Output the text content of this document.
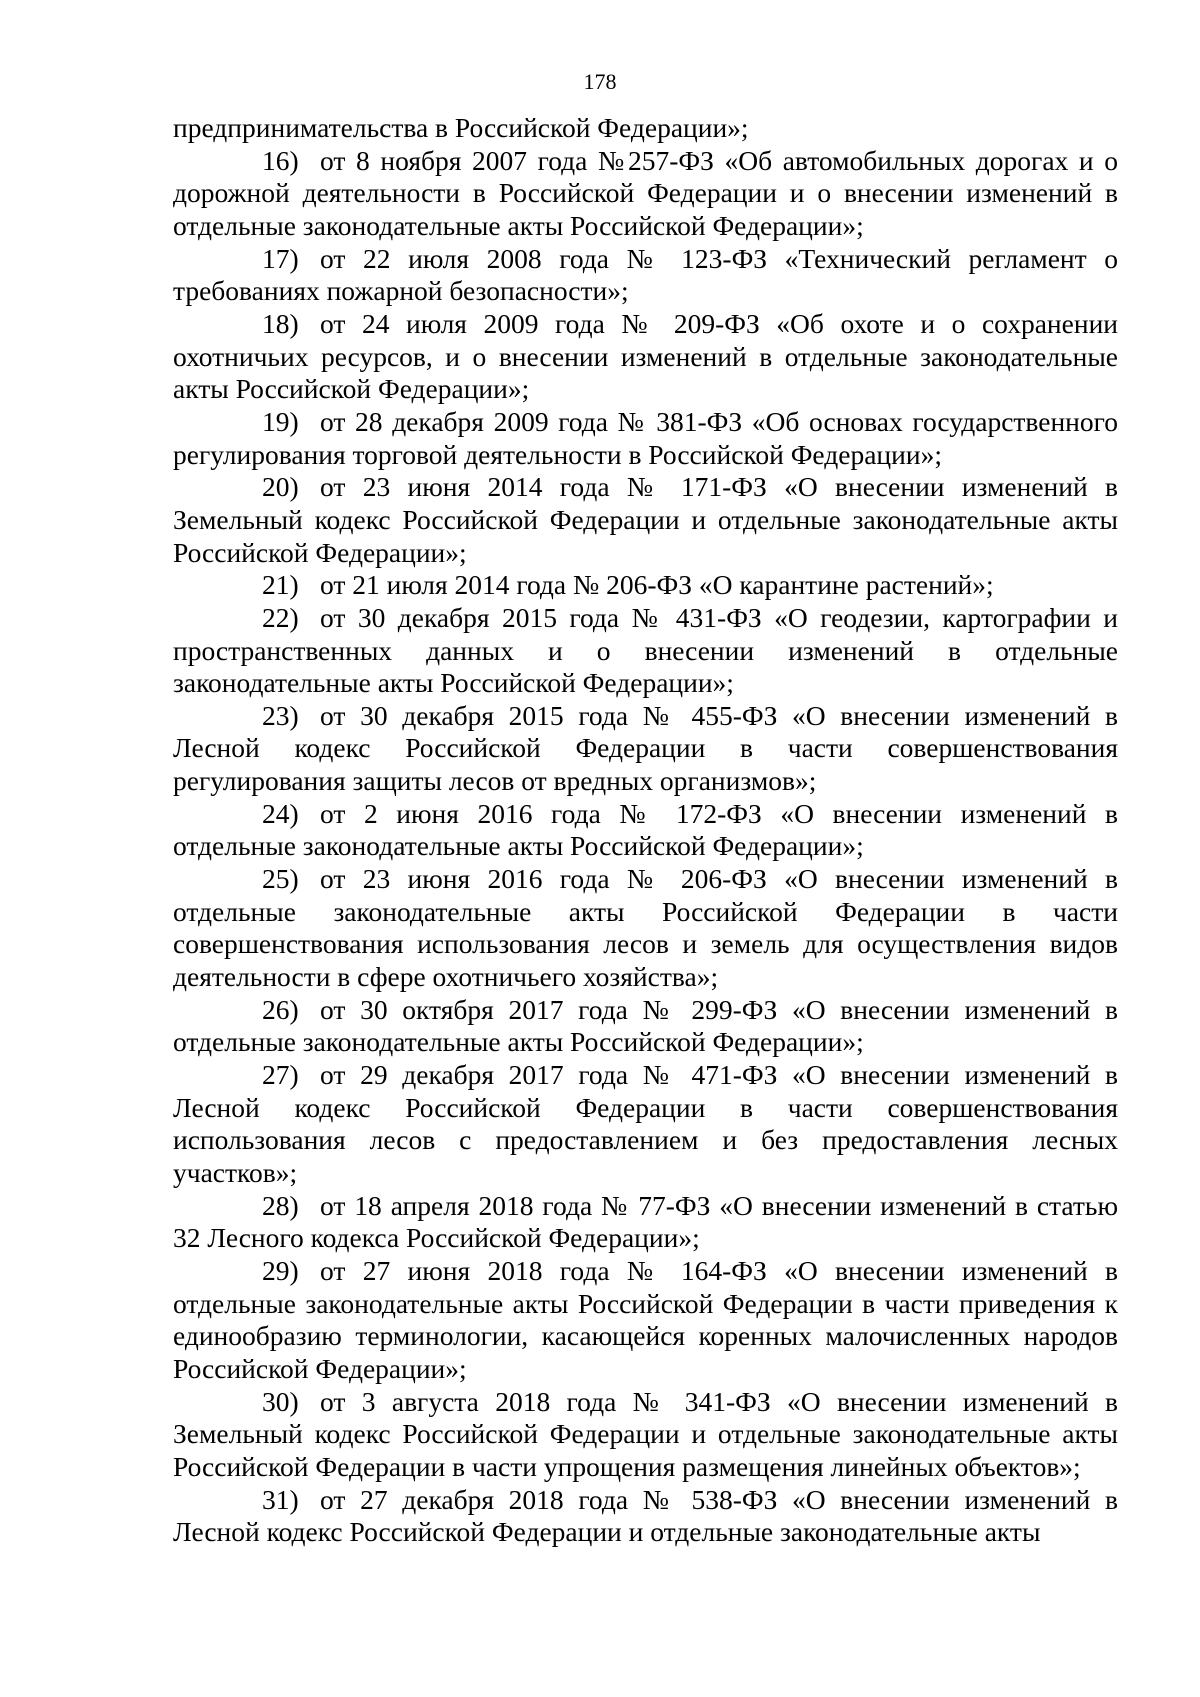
178

предпринимательства в Российской Федерации»;

16) от 8 ноября 2007 года №257-ФЗ «Об автомобильных дорогах и о дорожной деятельности в Российской Федерации и о внесении изменений в отдельные законодательные акты Российской Федерации»;

17) от 22 июля 2008 года № 123-ФЗ «Технический регламент о требованиях пожарной безопасности»;

18) от 24 июля 2009 года № 209-ФЗ «Об охоте и о сохранении охотничьих ресурсов, и о внесении изменений в отдельные законодательные акты Российской Федерации»;

19) от 28 декабря 2009 года № 381-ФЗ «Об основах государственного регулирования торговой деятельности в Российской Федерации»;

20) от 23 июня 2014 года № 171-ФЗ «О внесении изменений в Земельный кодекс Российской Федерации и отдельные законодательные акты Российской Федерации»;

21) от 21 июля 2014 года № 206-ФЗ «О карантине растений»;

22) от 30 декабря 2015 года № 431-ФЗ «О геодезии, картографии и пространственных данных и о внесении изменений в отдельные законодательные акты Российской Федерации»;

23) от 30 декабря 2015 года № 455-ФЗ «О внесении изменений в Лесной кодекс Российской Федерации в части совершенствования регулирования защиты лесов от вредных организмов»;

24) от 2 июня 2016 года № 172-ФЗ «О внесении изменений в отдельные законодательные акты Российской Федерации»;

25) от 23 июня 2016 года № 206-ФЗ «О внесении изменений в отдельные законодательные акты Российской Федерации в части совершенствования использования лесов и земель для осуществления видов деятельности в сфере охотничьего хозяйства»;

26) от 30 октября 2017 года № 299-ФЗ «О внесении изменений в отдельные законодательные акты Российской Федерации»;

27) от 29 декабря 2017 года № 471-ФЗ «О внесении изменений в Лесной кодекс Российской Федерации в части совершенствования использования лесов с предоставлением и без предоставления лесных участков»;

28) от 18 апреля 2018 года № 77-ФЗ «О внесении изменений в статью 32 Лесного кодекса Российской Федерации»;

29) от 27 июня 2018 года № 164-ФЗ «О внесении изменений в отдельные законодательные акты Российской Федерации в части приведения к единообразию терминологии, касающейся коренных малочисленных народов Российской Федерации»;

30) от 3 августа 2018 года № 341-ФЗ «О внесении изменений в Земельный кодекс Российской Федерации и отдельные законодательные акты Российской Федерации в части упрощения размещения линейных объектов»;

31) от 27 декабря 2018 года № 538-ФЗ «О внесении изменений в Лесной кодекс Российской Федерации и отдельные законодательные акты
